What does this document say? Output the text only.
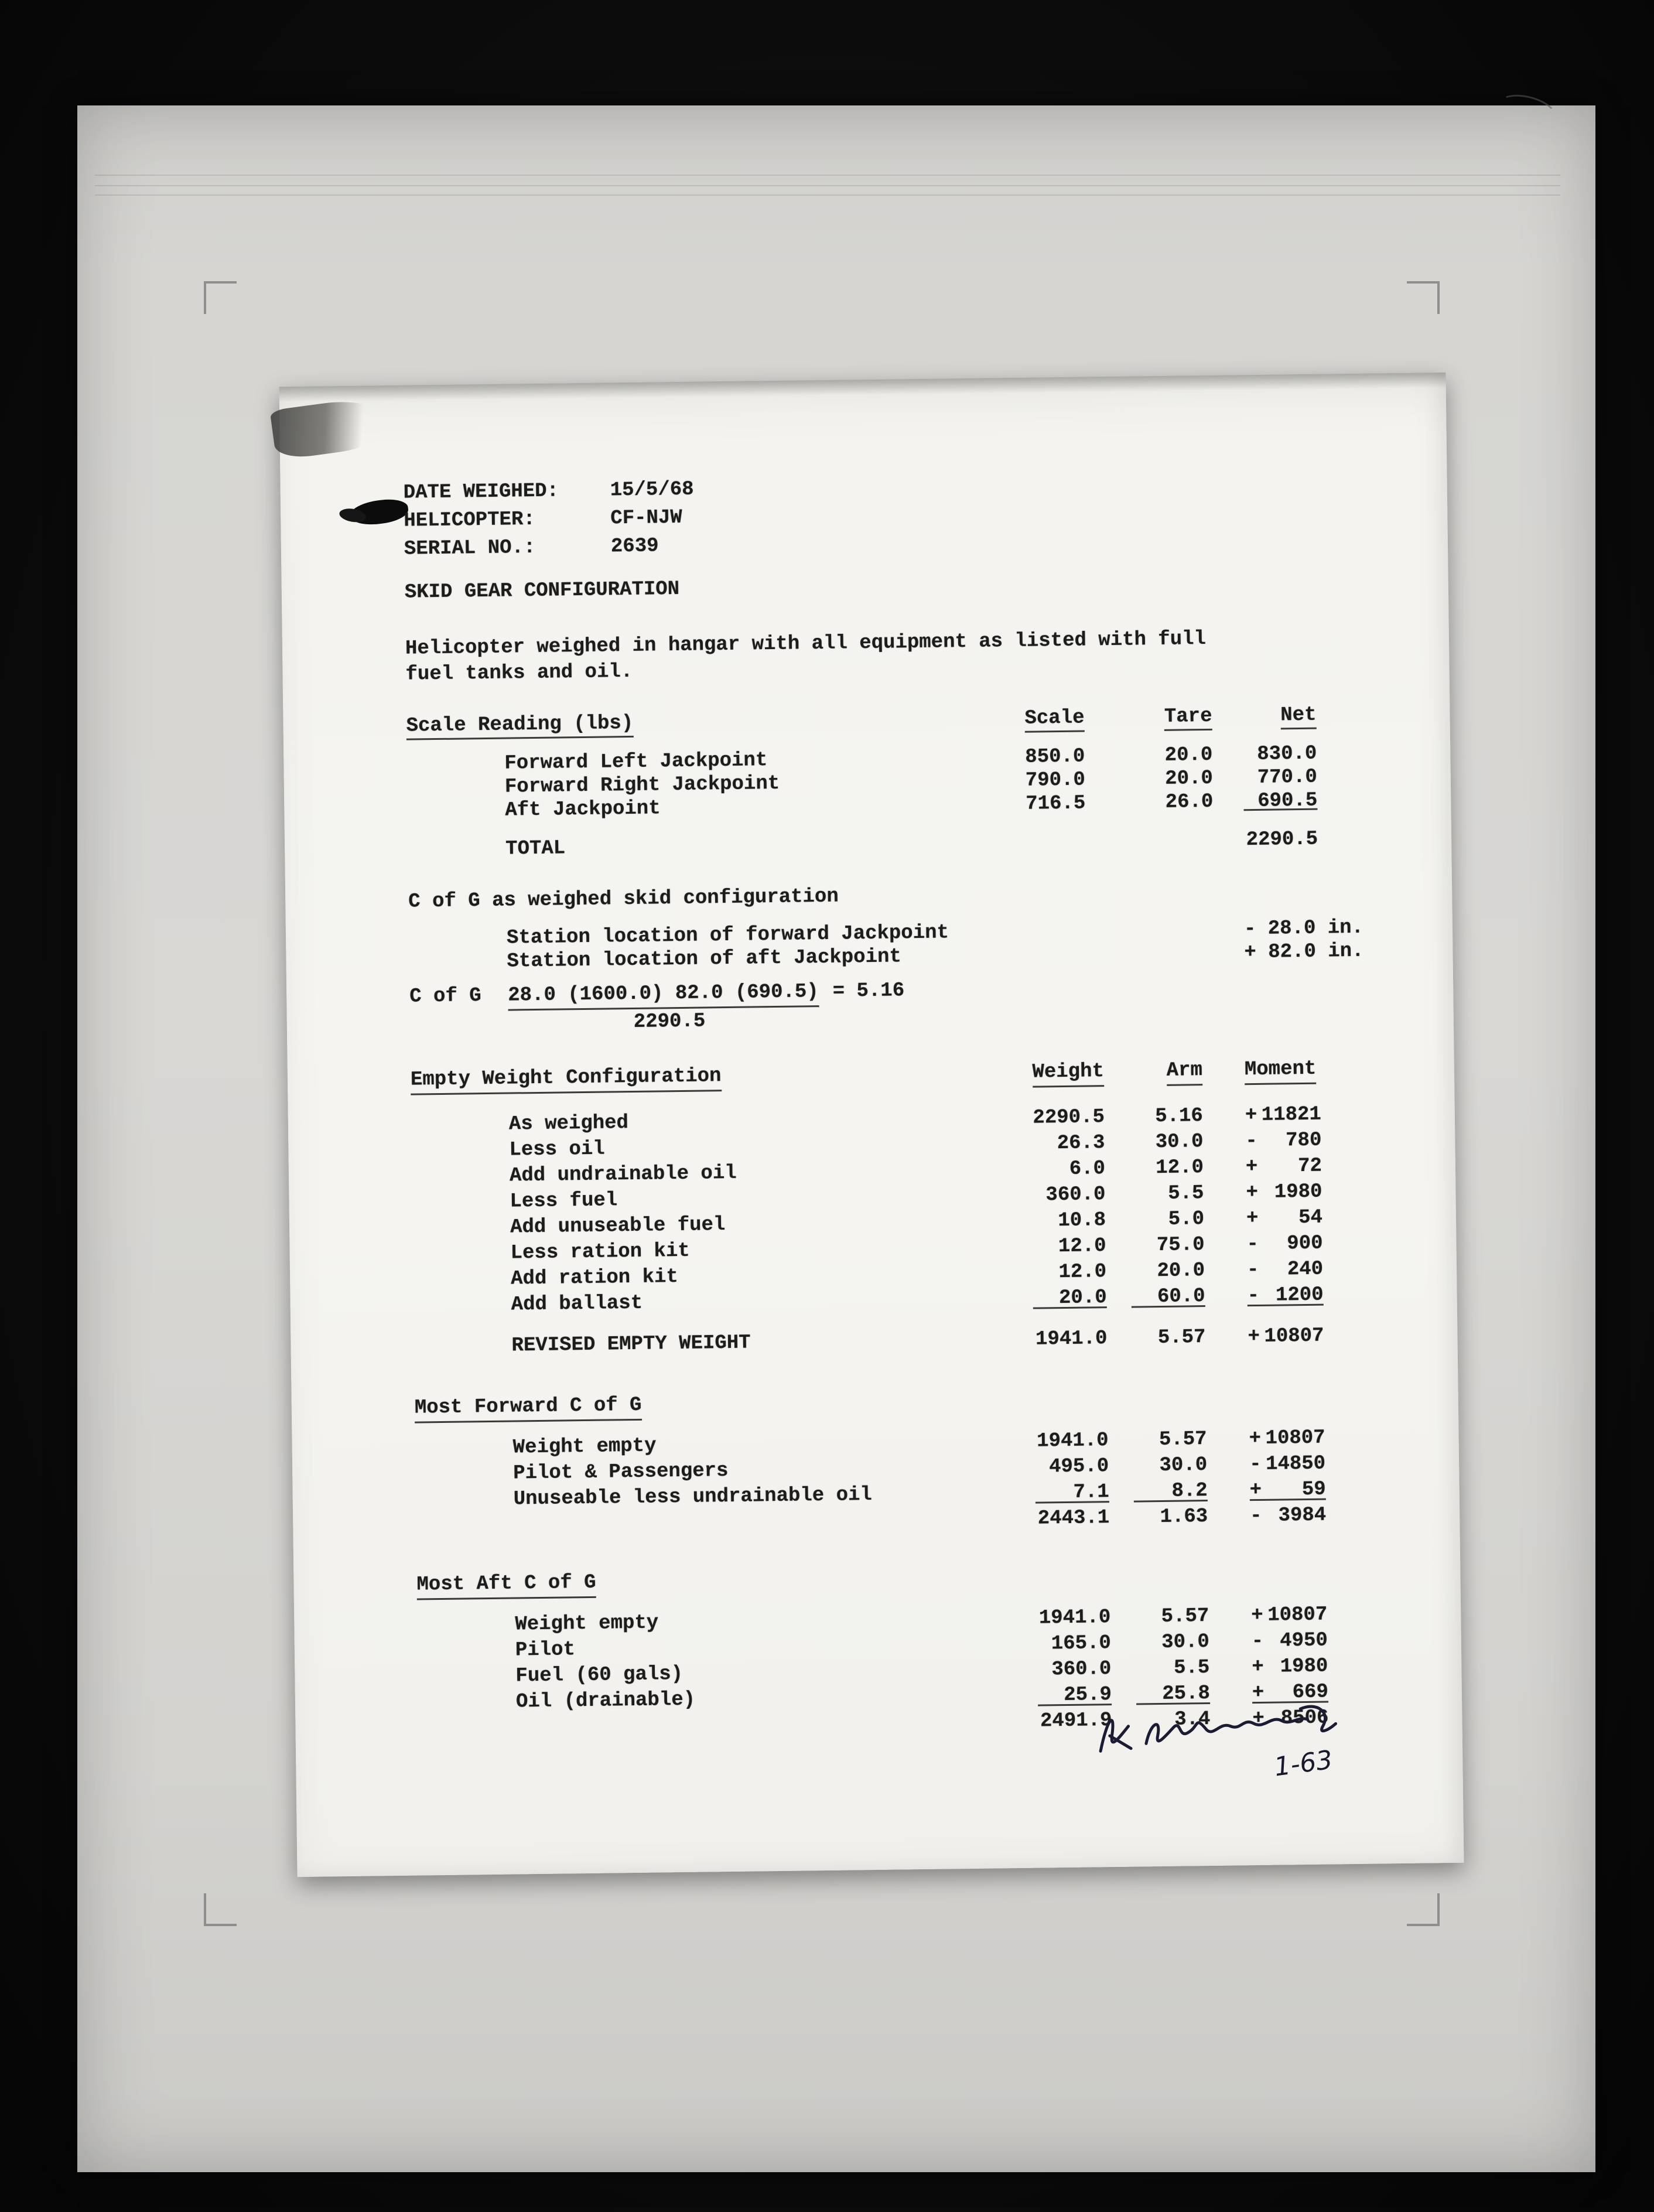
DATE WEIGHED:	15/5/68
HELICOPTER:	CF-NJW
SERIAL NO.:	2639
SKID GEAR CONFIGURATION
Helicopter weighed in hangar with all equipment as listed with full
fuel tanks and oil.
Scale Reading (lbs)	Scale	Tare	Net
Forward Left Jackpoint	850.0	20.0	830.0
Forward Right Jackpoint	790.0	20.0	770.0
Aft Jackpoint	716.5	26.0	690.5
TOTAL	2290.5
C of G as weighed skid configuration
Station location of forward Jackpoint	- 28.0 in.
Station location of aft Jackpoint	+ 82.0 in.
C of G	28.0 (1600.0) 82.0 (690.5) = 5.16
2290.5
Empty Weight Configuration	Weight	Arm Moment
As weighed	2290.5	5.16 + 11821
Less oil	26.3	30.0 - 780
Add undrainable oil	6.0	12.0 + 72
Less fuel	360.0	5.5 + 1980
Add unuseable fuel	10.8	5.0 + 54
Less ration kit	12.0	75.0 - 900
Add ration kit	12.0	20.0 - 240
Add ballast	20.0	60.0 - 1200
REVISED EMPTY WEIGHT	1941.0	5.57 + 10807
Most Forward C of G
Weight empty	1941.0	5.57 + 10807
Pilot & Passengers	495.0	30.0 - 14850
Unuseable less undrainable oil	7.1	8.2 + 59
2443.1	1.63 - 3984
Most Aft C of G
Weight empty	1941.0	5.57 + 10807
Pilot	165.0	30.0 - 4950
Fuel (60 gals)	360.0	5.5 + 1980
Oil (drainable)	25.9	25.8 + 669
2491.9	3.4 + 8506
1-63
